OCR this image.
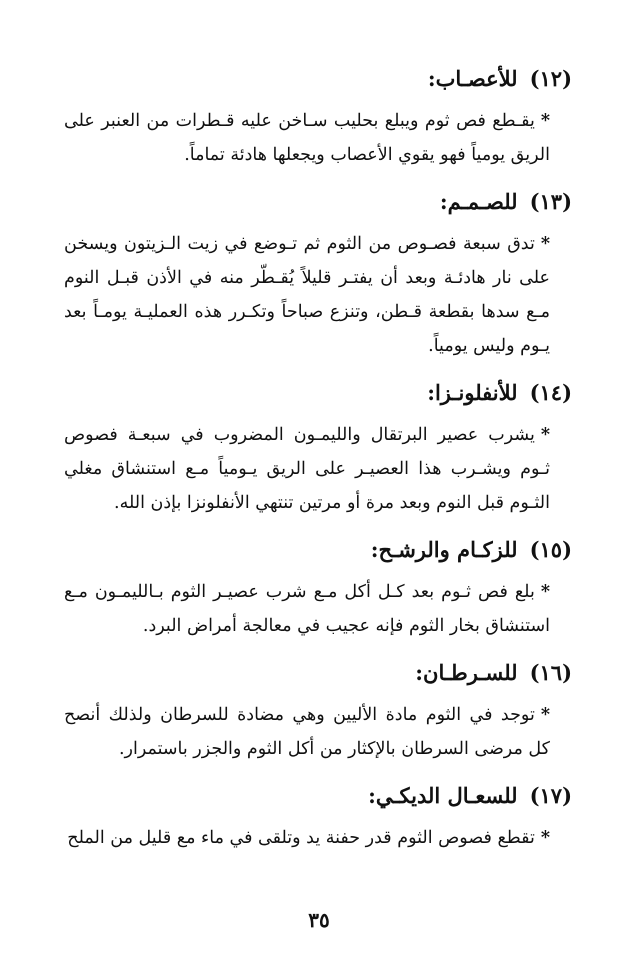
(١٢)
للأعصـاب:

*يقـطع فص ثوم ويبلع بحليب سـاخن عليه قـطرات من العنبر على الريق يومياً فهو يقوي الأعصاب ويجعلها هادئة تماماً.

(١٣)
للصـمـم:

*تدق سبعة فصـوص من الثوم ثم تـوضع في زيت الـزيتون ويسخن على نار هادئـة وبعد أن يفتـر قليلاً يُقـطّر منه في الأذن قبـل النوم مـع سدها بقطعة قـطن، وتنزع صباحاً وتكـرر هذه العمليـة يومـاً بعد يـوم وليس يومياً.

(١٤)
للأنفلونـزا:

*يشرب عصير البرتقال والليمـون المضروب في سبعـة فصوص ثـوم ويشـرب هذا العصيـر على الريق يـومياً مـع استنشاق مغلي الثـوم قبل النوم وبعد مرة أو مرتين تنتهي الأنفلونزا بإذن الله.

(١٥)
للزكـام والرشـح:

*بلع فص ثـوم بعد كـل أكل مـع شرب عصيـر الثوم بـالليمـون مـع استنشاق بخار الثوم فإنه عجيب في معالجة أمراض البرد.

(١٦)
للسـرطـان:

*توجد في الثوم مادة الأليين وهي مضادة للسرطان ولذلك أنصح كل مرضى السرطان بالإكثار من أكل الثوم والجزر باستمرار.

(١٧)
للسعـال الديكـي:

*تقطع فصوص الثوم قدر حفنة يد وتلقى في ماء مع قليل من الملح

٣٥
